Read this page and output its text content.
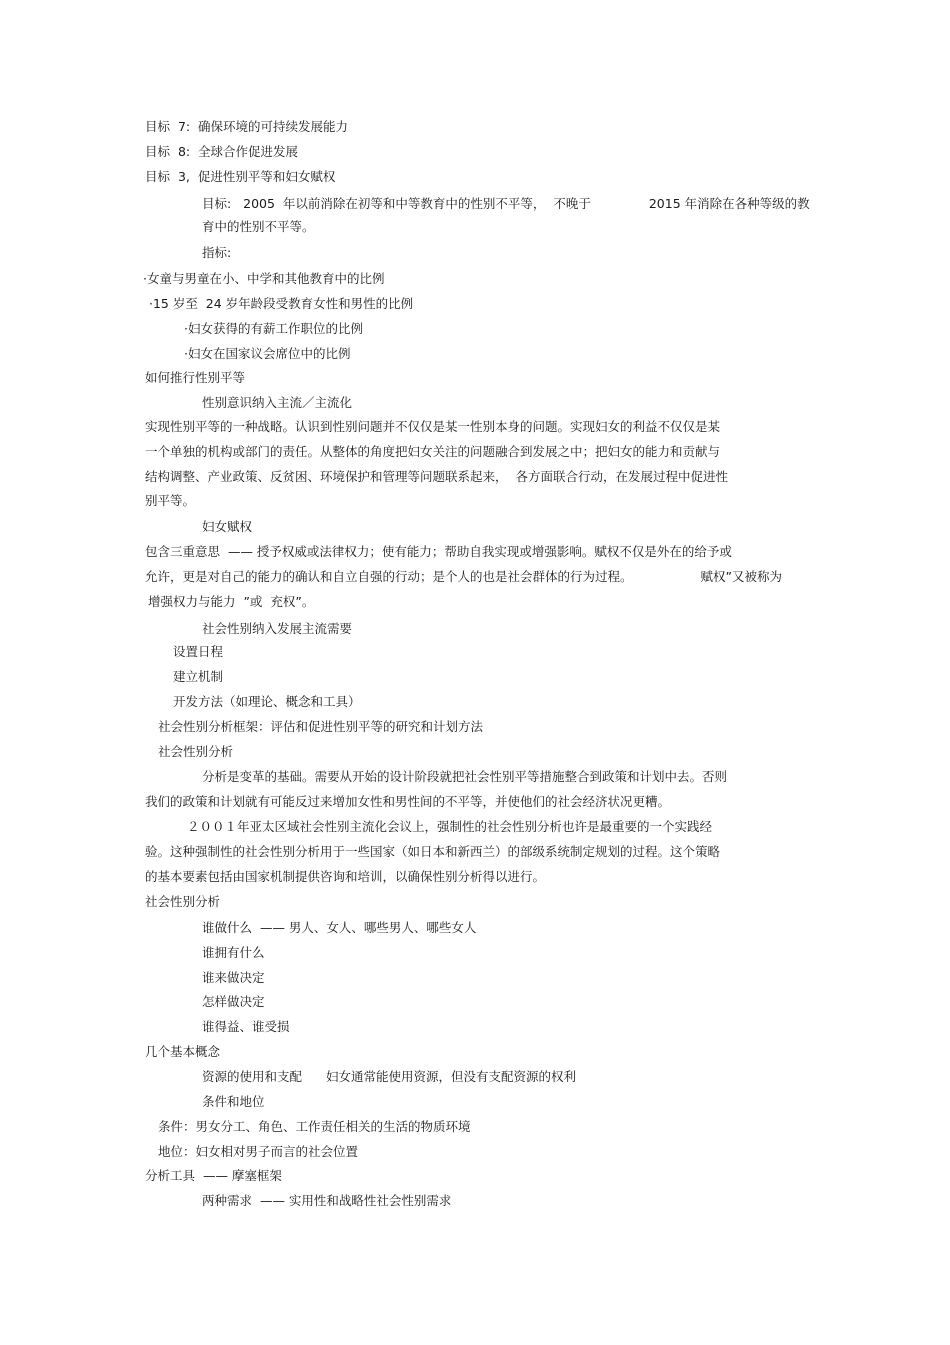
目标  7:  确保环境的可持续发展能力
目标  8:  全球合作促进发展
目标  3,  促进性别平等和妇女赋权
目标:   2005  年以前消除在初等和中等教育中的性别不平等，  不晚于	2015 年消除在各种等级的教
育中的性别不平等。
指标:
·女童与男童在小、中学和其他教育中的比例
·15 岁至  24 岁年龄段受教育女性和男性的比例
·妇女获得的有薪工作职位的比例
·妇女在国家议会席位中的比例
如何推行性别平等
性别意识纳入主流／主流化
实现性别平等的一种战略。认识到性别问题并不仅仅是某一性别本身的问题。实现妇女的利益不仅仅是某
一个单独的机构或部门的责任。从整体的角度把妇女关注的问题融合到发展之中；把妇女的能力和贡献与
结构调整、产业政策、反贫困、环境保护和管理等问题联系起来，  各方面联合行动，在发展过程中促进性
别平等。
妇女赋权
包含三重意思  —— 授予权威或法律权力；使有能力；帮助自我实现或增强影响。赋权不仅是外在的给予或
允许，更是对自己的能力的确认和自立自强的行动；是个人的也是社会群体的行为过程。	赋权”又被称为
增强权力与能力  ”或  充权”。
社会性别纳入发展主流需要
设置日程
建立机制
开发方法（如理论、概念和工具）
社会性别分析框架：评估和促进性别平等的研究和计划方法
社会性别分析
分析是变革的基础。需要从开始的设计阶段就把社会性别平等措施整合到政策和计划中去。否则
我们的政策和计划就有可能反过来增加女性和男性间的不平等，并使他们的社会经济状况更糟。
２００１年亚太区域社会性别主流化会议上，强制性的社会性别分析也许是最重要的一个实践经
验。这种强制性的社会性别分析用于一些国家（如日本和新西兰）的部级系统制定规划的过程。这个策略
的基本要素包括由国家机制提供咨询和培训，以确保性别分析得以进行。
社会性别分析
谁做什么  —— 男人、女人、哪些男人、哪些女人
谁拥有什么
谁来做决定
怎样做决定
谁得益、谁受损
几个基本概念
资源的使用和支配 妇女通常能使用资源，但没有支配资源的权利
条件和地位
条件：男女分工、角色、工作责任相关的生活的物质环境
地位：妇女相对男子而言的社会位置
分析工具  —— 摩塞框架
两种需求  —— 实用性和战略性社会性别需求
